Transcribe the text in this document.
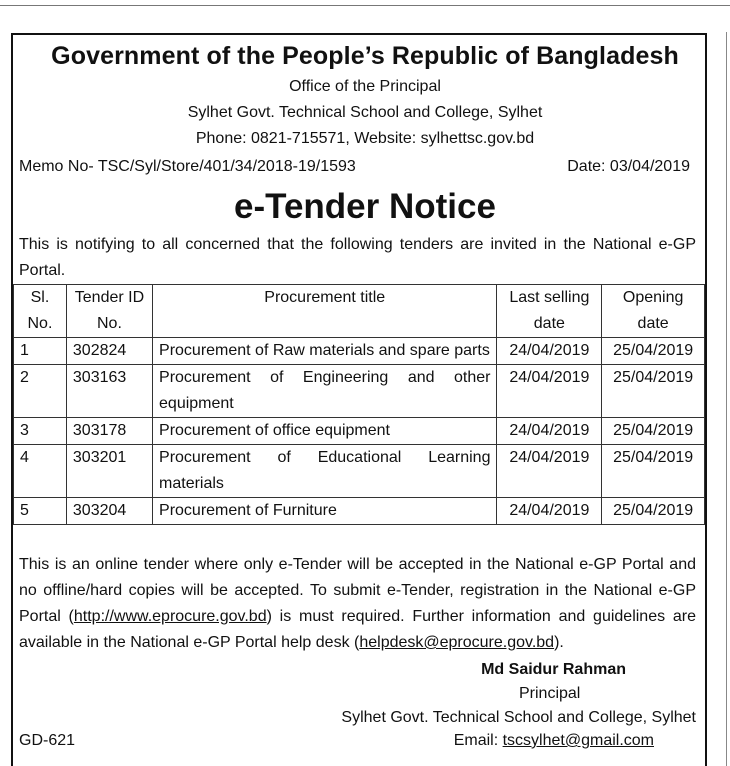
Government of the People’s Republic of Bangladesh
Office of the Principal
Sylhet Govt. Technical School and College, Sylhet
Phone: 0821-715571, Website: sylhettsc.gov.bd
Memo No- TSC/Syl/Store/401/34/2018-19/1593	Date: 03/04/2019
e-Tender Notice
This is notifying to all concerned that the following tenders are invited in the National e-GP Portal.
Sl. No.	Tender ID No.	Procurement title	Last selling date	Opening date
1	302824	Procurement of Raw materials and spare parts	24/04/2019	25/04/2019
2	303163	Procurement of Engineering and other equipment	24/04/2019	25/04/2019
3	303178	Procurement of office equipment	24/04/2019	25/04/2019
4	303201	Procurement of Educational Learning materials	24/04/2019	25/04/2019
5	303204	Procurement of Furniture	24/04/2019	25/04/2019
This is an online tender where only e-Tender will be accepted in the National e-GP Portal and no offline/hard copies will be accepted. To submit e-Tender, registration in the National e-GP Portal (http://www.eprocure.gov.bd) is must required. Further information and guidelines are available in the National e-GP Portal help desk (helpdesk@eprocure.gov.bd).
Md Saidur Rahman
Principal
Sylhet Govt. Technical School and College, Sylhet
GD-621	Email: tscsylhet@gmail.com
